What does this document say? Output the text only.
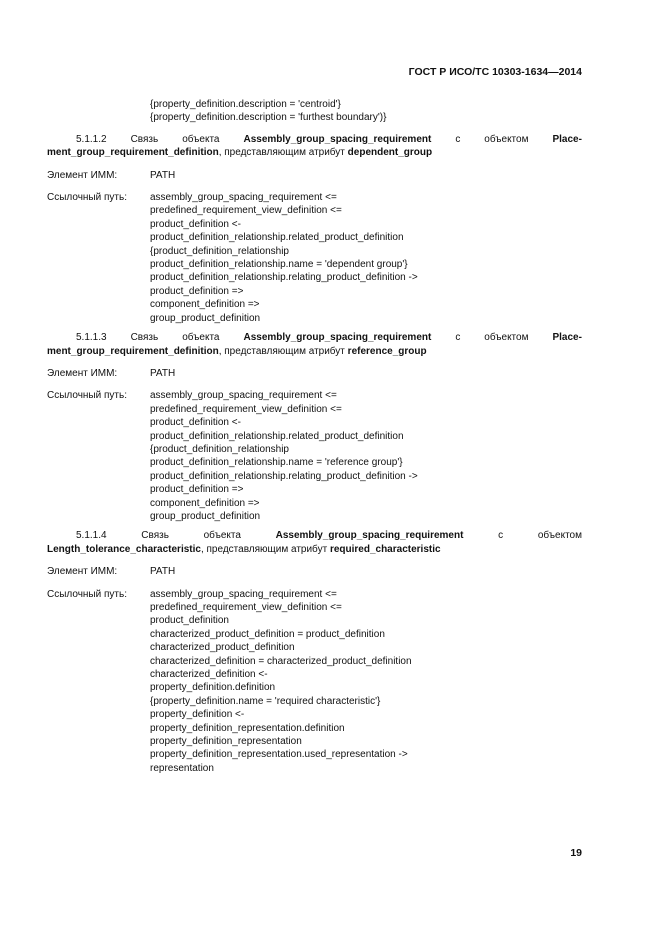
ГОСТ Р ИСО/ТС 10303-1634—2014
{property_definition.description = 'centroid'}
{property_definition.description = 'furthest boundary')}
5.1.1.2 Связь объекта Assembly_group_spacing_requirement с объектом Place-
ment_group_requirement_definition, представляющим атрибут dependent_group
Элемент ИММ:	PATH
Ссылочный путь:	assembly_group_spacing_requirement <=
predefined_requirement_view_definition <=
product_definition <-
product_definition_relationship.related_product_definition
{product_definition_relationship
product_definition_relationship.name = 'dependent group'}
product_definition_relationship.relating_product_definition ->
product_definition =>
component_definition =>
group_product_definition
5.1.1.3 Связь объекта Assembly_group_spacing_requirement с объектом Place-
ment_group_requirement_definition, представляющим атрибут reference_group
Элемент ИММ:	PATH
Ссылочный путь:	assembly_group_spacing_requirement <=
predefined_requirement_view_definition <=
product_definition <-
product_definition_relationship.related_product_definition
{product_definition_relationship
product_definition_relationship.name = 'reference group'}
product_definition_relationship.relating_product_definition ->
product_definition =>
component_definition =>
group_product_definition
5.1.1.4	Связь	объекта	Assembly_group_spacing_requirement	с	объектом
Length_tolerance_characteristic, представляющим атрибут required_characteristic
Элемент ИММ:	PATH
Ссылочный путь:	assembly_group_spacing_requirement <=
predefined_requirement_view_definition <=
product_definition
characterized_product_definition = product_definition
characterized_product_definition
characterized_definition = characterized_product_definition
characterized_definition <-
property_definition.definition
{property_definition.name = 'required characteristic'}
property_definition <-
property_definition_representation.definition
property_definition_representation
property_definition_representation.used_representation ->
representation
19
